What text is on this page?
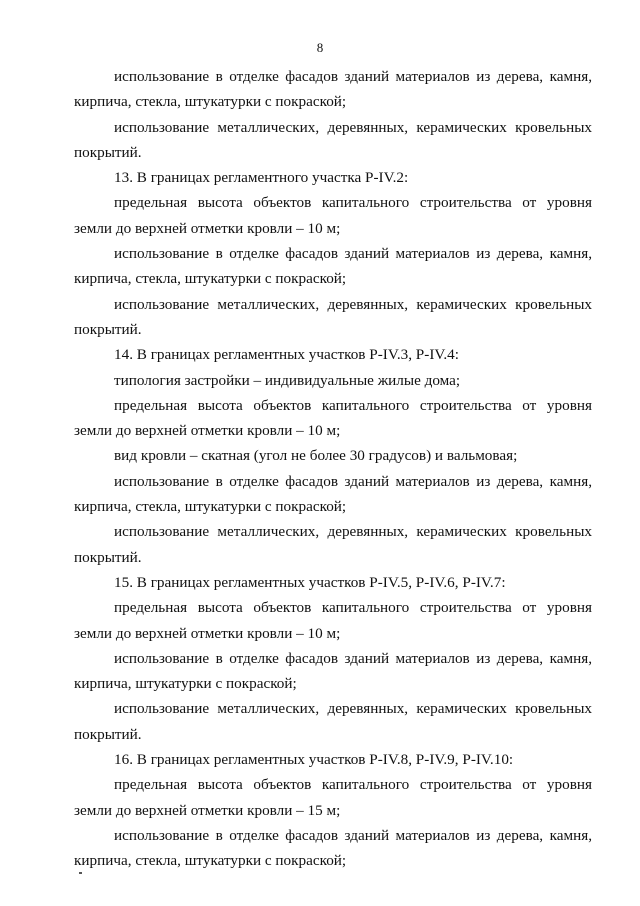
8

использование в отделке фасадов зданий материалов из дерева, камня, кирпича, стекла, штукатурки с покраской;

использование металлических, деревянных, керамических кровельных покрытий.

13. В границах регламентного участка Р-IV.2:

предельная высота объектов капитального строительства от уровня земли до верхней отметки кровли – 10 м;

использование в отделке фасадов зданий материалов из дерева, камня, кирпича, стекла, штукатурки с покраской;

использование металлических, деревянных, керамических кровельных покрытий.

14. В границах регламентных участков Р-IV.3, Р-IV.4:

типология застройки – индивидуальные жилые дома;

предельная высота объектов капитального строительства от уровня земли до верхней отметки кровли – 10 м;

вид кровли – скатная (угол не более 30 градусов) и вальмовая;

использование в отделке фасадов зданий материалов из дерева, камня, кирпича, стекла, штукатурки с покраской;

использование металлических, деревянных, керамических кровельных покрытий.

15. В границах регламентных участков Р-IV.5, Р-IV.6, Р-IV.7:

предельная высота объектов капитального строительства от уровня земли до верхней отметки кровли – 10 м;

использование в отделке фасадов зданий материалов из дерева, камня, кирпича, штукатурки с покраской;

использование металлических, деревянных, керамических кровельных покрытий.

16. В границах регламентных участков Р-IV.8, Р-IV.9, Р-IV.10:

предельная высота объектов капитального строительства от уровня земли до верхней отметки кровли – 15 м;

использование в отделке фасадов зданий материалов из дерева, камня, кирпича, стекла, штукатурки с покраской;
